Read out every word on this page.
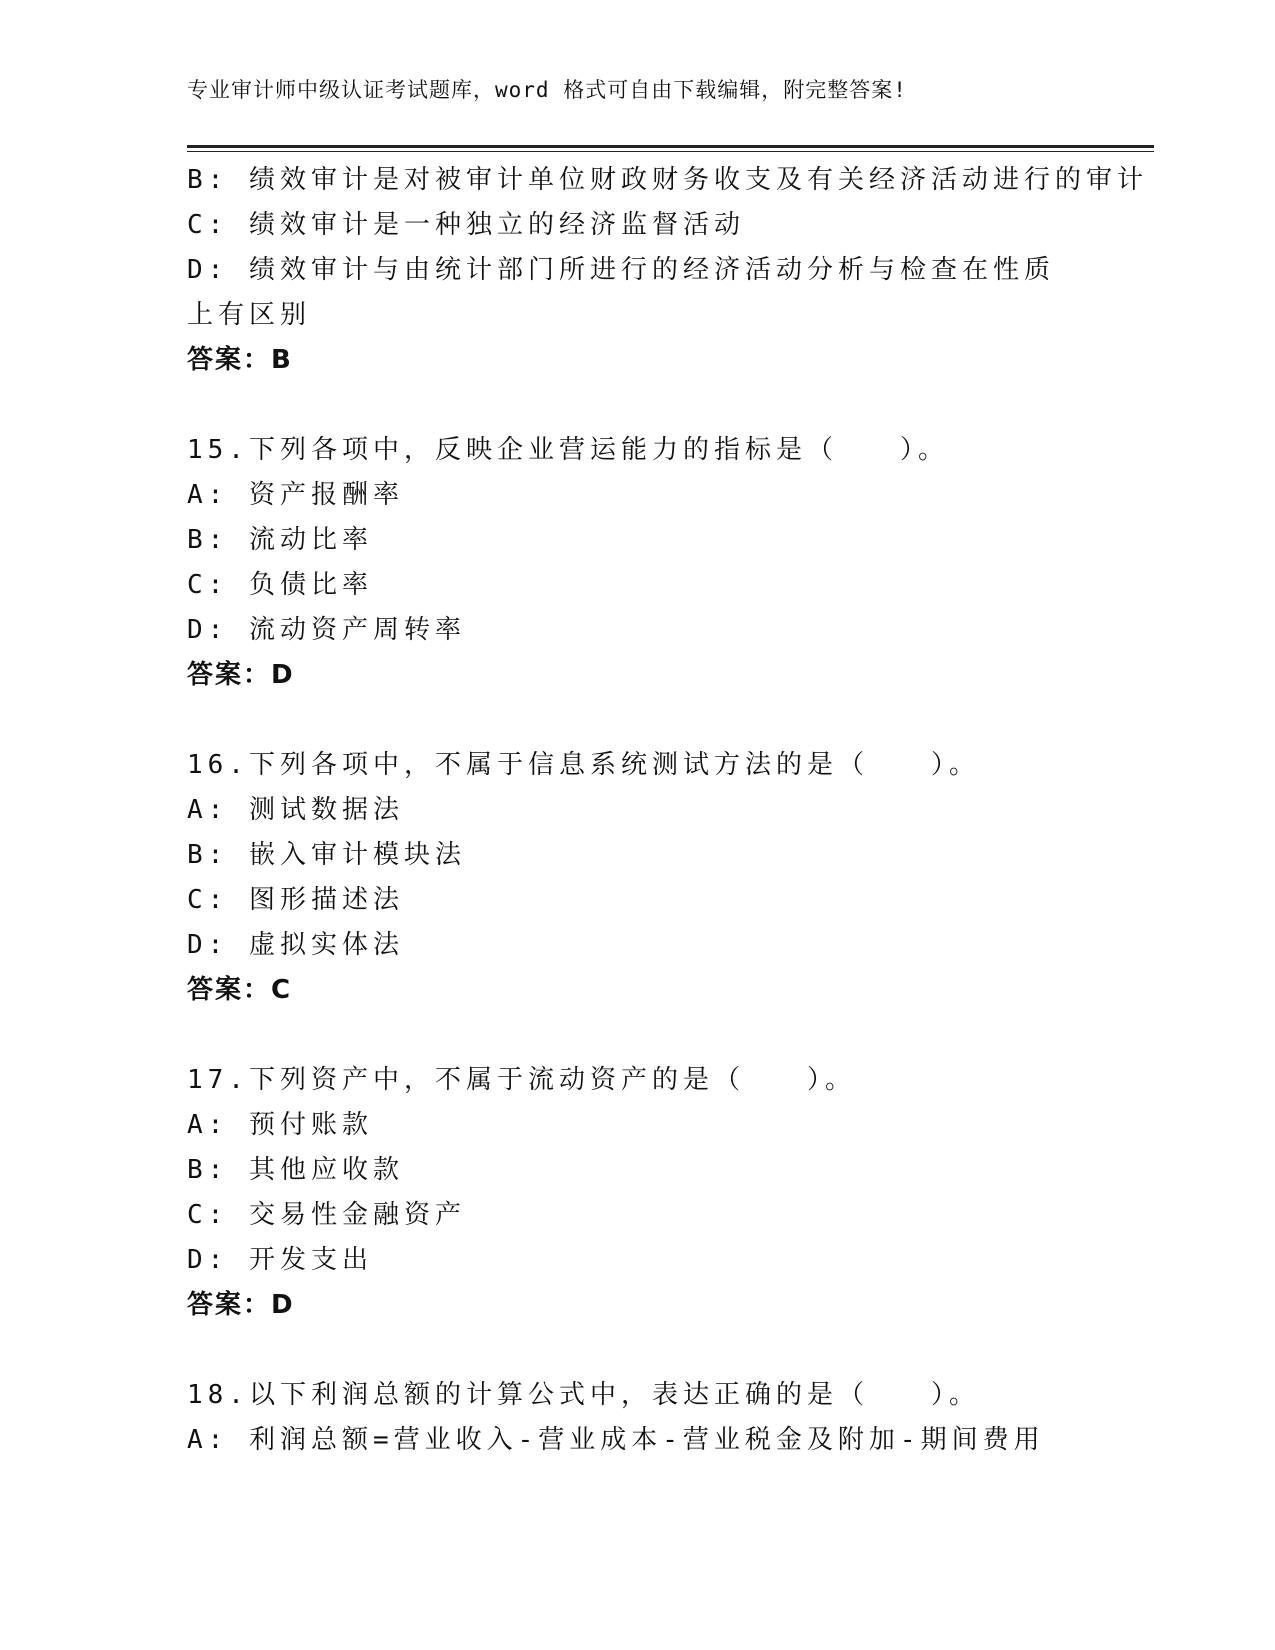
专业审计师中级认证考试题库，word 格式可自由下载编辑，附完整答案!
B: 绩效审计是对被审计单位财政财务收支及有关经济活动进行的审计
C: 绩效审计是一种独立的经济监督活动
D: 绩效审计与由统计部门所进行的经济活动分析与检查在性质上有区别
答案：B
15.下列各项中，反映企业营运能力的指标是（　　）。
A: 资产报酬率
B: 流动比率
C: 负债比率
D: 流动资产周转率
答案：D
16.下列各项中，不属于信息系统测试方法的是（　　）。
A: 测试数据法
B: 嵌入审计模块法
C: 图形描述法
D: 虚拟实体法
答案：C
17.下列资产中，不属于流动资产的是（　　）。
A: 预付账款
B: 其他应收款
C: 交易性金融资产
D: 开发支出
答案：D
18.以下利润总额的计算公式中，表达正确的是（　　）。
A: 利润总额=营业收入-营业成本-营业税金及附加-期间费用
